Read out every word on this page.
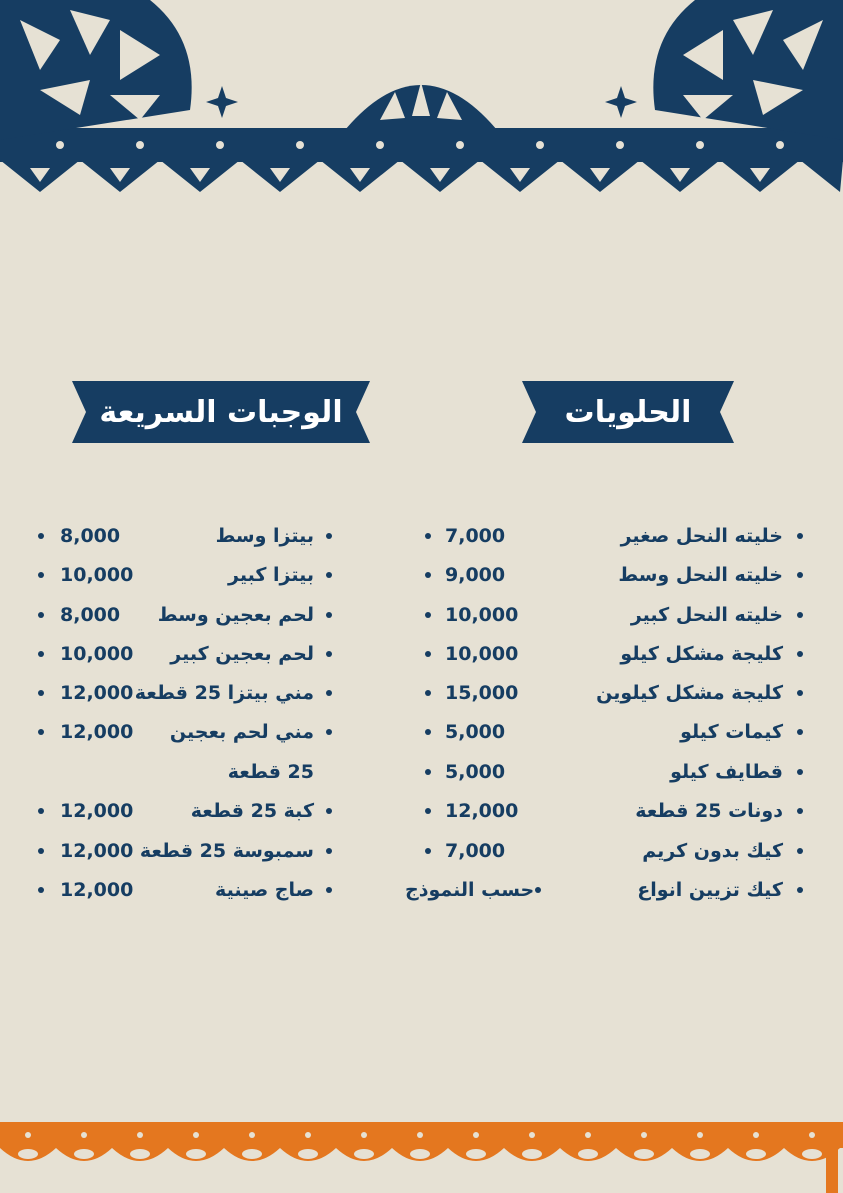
الحلويات
الوجبات السريعة
خليته النحل صغير
7,000
خليته النحل وسط
9,000
خليته النحل كبير
10,000
كليجة مشكل كيلو
10,000
كليجة مشكل كيلوين
15,000
كيمات كيلو
5,000
قطايف كيلو
5,000
دونات 25 قطعة
12,000
كيك بدون كريم
7,000
كيك تزيين انواع
حسب النموذج
بيتزا وسط
8,000
بيتزا كبير
10,000
لحم بعجين وسط
8,000
لحم بعجين كبير
10,000
مني بيتزا 25 قطعة
12,000
مني لحم بعجين
12,000
25 قطعة
كبة 25 قطعة
12,000
سمبوسة 25 قطعة
12,000
صاج صينية
12,000
